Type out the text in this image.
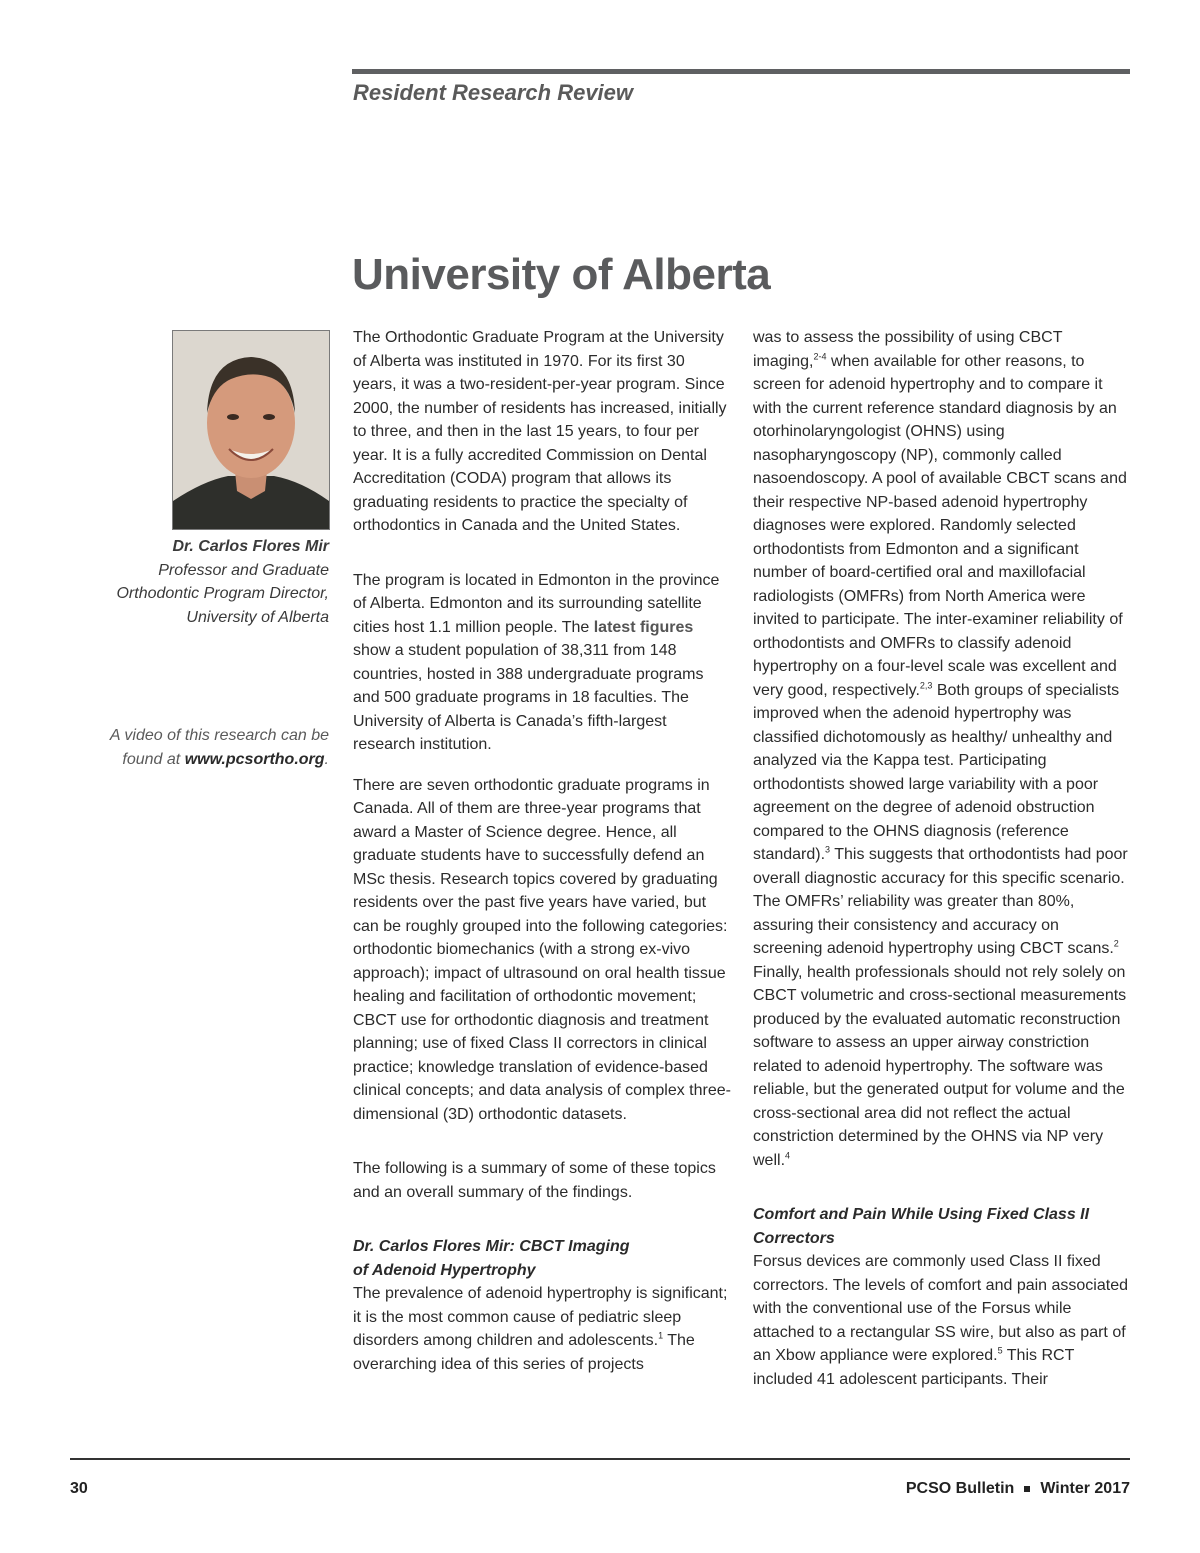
Resident Research Review
University of Alberta
Dr. Carlos Flores Mir
Professor and Graduate
Orthodontic Program Director,
University of Alberta
A video of this research can be
found at www.pcsortho.org.

The Orthodontic Graduate Program at the University of Alberta was instituted in 1970. For its first 30 years, it was a two-resident-per-year program. Since 2000, the number of residents has increased, initially to three, and then in the last 15 years, to four per year. It is a fully accredited Commission on Dental Accreditation (CODA) program that allows its graduating residents to practice the specialty of orthodontics in Canada and the United States.

The program is located in Edmonton in the province of Alberta. Edmonton and its surrounding satellite cities host 1.1 million people. The latest figures show a student population of 38,311 from 148 countries, hosted in 388 undergraduate programs and 500 graduate programs in 18 faculties. The University of Alberta is Canada’s fifth-largest research institution.

There are seven orthodontic graduate programs in Canada. All of them are three-year programs that award a Master of Science degree. Hence, all graduate students have to successfully defend an MSc thesis. Research topics covered by graduating residents over the past five years have varied, but can be roughly grouped into the following categories: orthodontic biomechanics (with a strong ex-vivo approach); impact of ultrasound on oral health tissue healing and facilitation of orthodontic movement; CBCT use for orthodontic diagnosis and treatment planning; use of fixed Class II correctors in clinical practice; knowledge translation of evidence-based clinical concepts; and data analysis of complex three-dimensional (3D) orthodontic datasets.

The following is a summary of some of these topics and an overall summary of the findings.

Dr. Carlos Flores Mir: CBCT Imaging
of Adenoid Hypertrophy

The prevalence of adenoid hypertrophy is significant; it is the most common cause of pediatric sleep disorders among children and adolescents.$^1$ The overarching idea of this series of projects

was to assess the possibility of using CBCT imaging,$^{2-4}$ when available for other reasons, to screen for adenoid hypertrophy and to compare it with the current reference standard diagnosis by an otorhinolaryngologist (OHNS) using nasopharyngoscopy (NP), commonly called nasoendoscopy. A pool of available CBCT scans and their respective NP-based adenoid hypertrophy diagnoses were explored. Randomly selected orthodontists from Edmonton and a significant number of board-certified oral and maxillofacial radiologists (OMFRs) from North America were invited to participate. The inter-examiner reliability of orthodontists and OMFRs to classify adenoid hypertrophy on a four-level scale was excellent and very good, respectively.$^{2,3}$ Both groups of specialists improved when the adenoid hypertrophy was classified dichotomously as healthy/ unhealthy and analyzed via the Kappa test. Participating orthodontists showed large variability with a poor agreement on the degree of adenoid obstruction compared to the OHNS diagnosis (reference standard).$^3$ This suggests that orthodontists had poor overall diagnostic accuracy for this specific scenario. The OMFRs’ reliability was greater than 80%, assuring their consistency and accuracy on screening adenoid hypertrophy using CBCT scans.$^2$ Finally, health professionals should not rely solely on CBCT volumetric and cross-sectional measurements produced by the evaluated automatic reconstruction software to assess an upper airway constriction related to adenoid hypertrophy. The software was reliable, but the generated output for volume and the cross-sectional area did not reflect the actual constriction determined by the OHNS via NP very well.$^4$

Comfort and Pain While Using Fixed Class II
Correctors

Forsus devices are commonly used Class II fixed correctors. The levels of comfort and pain associated with the conventional use of the Forsus while attached to a rectangular SS wire, but also as part of an Xbow appliance were explored.$^5$ This RCT included 41 adolescent participants. Their

30	PCSO Bulletin Winter 2017
